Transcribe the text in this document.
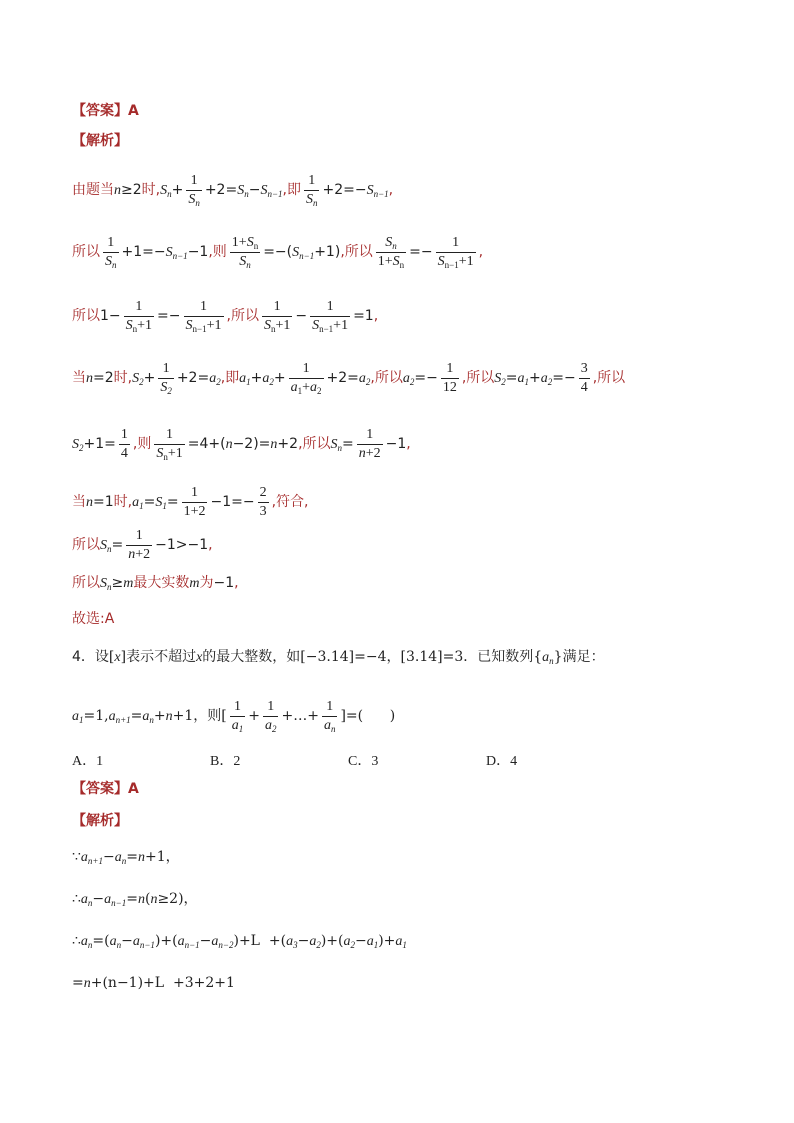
【答案】A
【解析】
由题当n≥2时$,S_n+ \frac{1}{S_n} +2=S_n-S_{n-1}$,即 $\frac{1}{S_n} +2=-S_{n-1}$,
所以 $\frac{1}{S_n} +1=-S_{n-1}-1$,则 $\frac{1+S_n}{S_n} =-(S_{n-1}+1)$,所以 $\frac{S_n}{1+S_n} =- \frac{1}{S_{n-1}+1}$ ,
所以$1- \frac{1}{S_n+1} =- \frac{1}{S_{n-1}+1}$ ,所以 $\frac{1}{S_n+1} - \frac{1}{S_{n-1}+1} =1$,
当n=2时$,S_2+ \frac{1}{S_2} +2=a_2$,即$a_1+a_2+ \frac{1}{a_1+a_2} +2=a_2$,所以$a_2=- \frac{1}{12}$ ,所以$S_2=a_1+a_2=- \frac{3}{4}$ ,所以
$S_2+1= \frac{1}{4}$ ,则 $\frac{1}{S_n+1} =4+(n-2)=n+2$,所以$S_n= \frac{1}{n+2} -1$,
当n=1时$,a_1=S_1= \frac{1}{1+2} -1=- \frac{2}{3}$ ,符合,
所以$S_n= \frac{1}{n+2} -1>-1$,
所以$S_n\ge m$最大实数m为−1,
故选:A
4．设[x]表示不超过x的最大整数，如[−3.14]=−4，[3.14]=3．已知数列$\{a_n\}$满足：
$a_1=1,a_{n+1}=a_n+n+1$，则[ $\frac{1}{a_1} + \frac{1}{a_2}$ +…+ $\frac{1}{a_n}$ ]=(      )
A．1	B．2	C．3	D．4
【答案】A
【解析】
$\because a_{n+1}-a_n=n+1$，
$\therefore a_n-a_{n-1}=n(n\ge 2)$，
$\therefore a_n=(a_n-a_{n-1})+(a_{n-1}-a_{n-2})+L +(a_3-a_2)+(a_2-a_1)+a_1$
=n+(n−1)+L  +3+2+1
